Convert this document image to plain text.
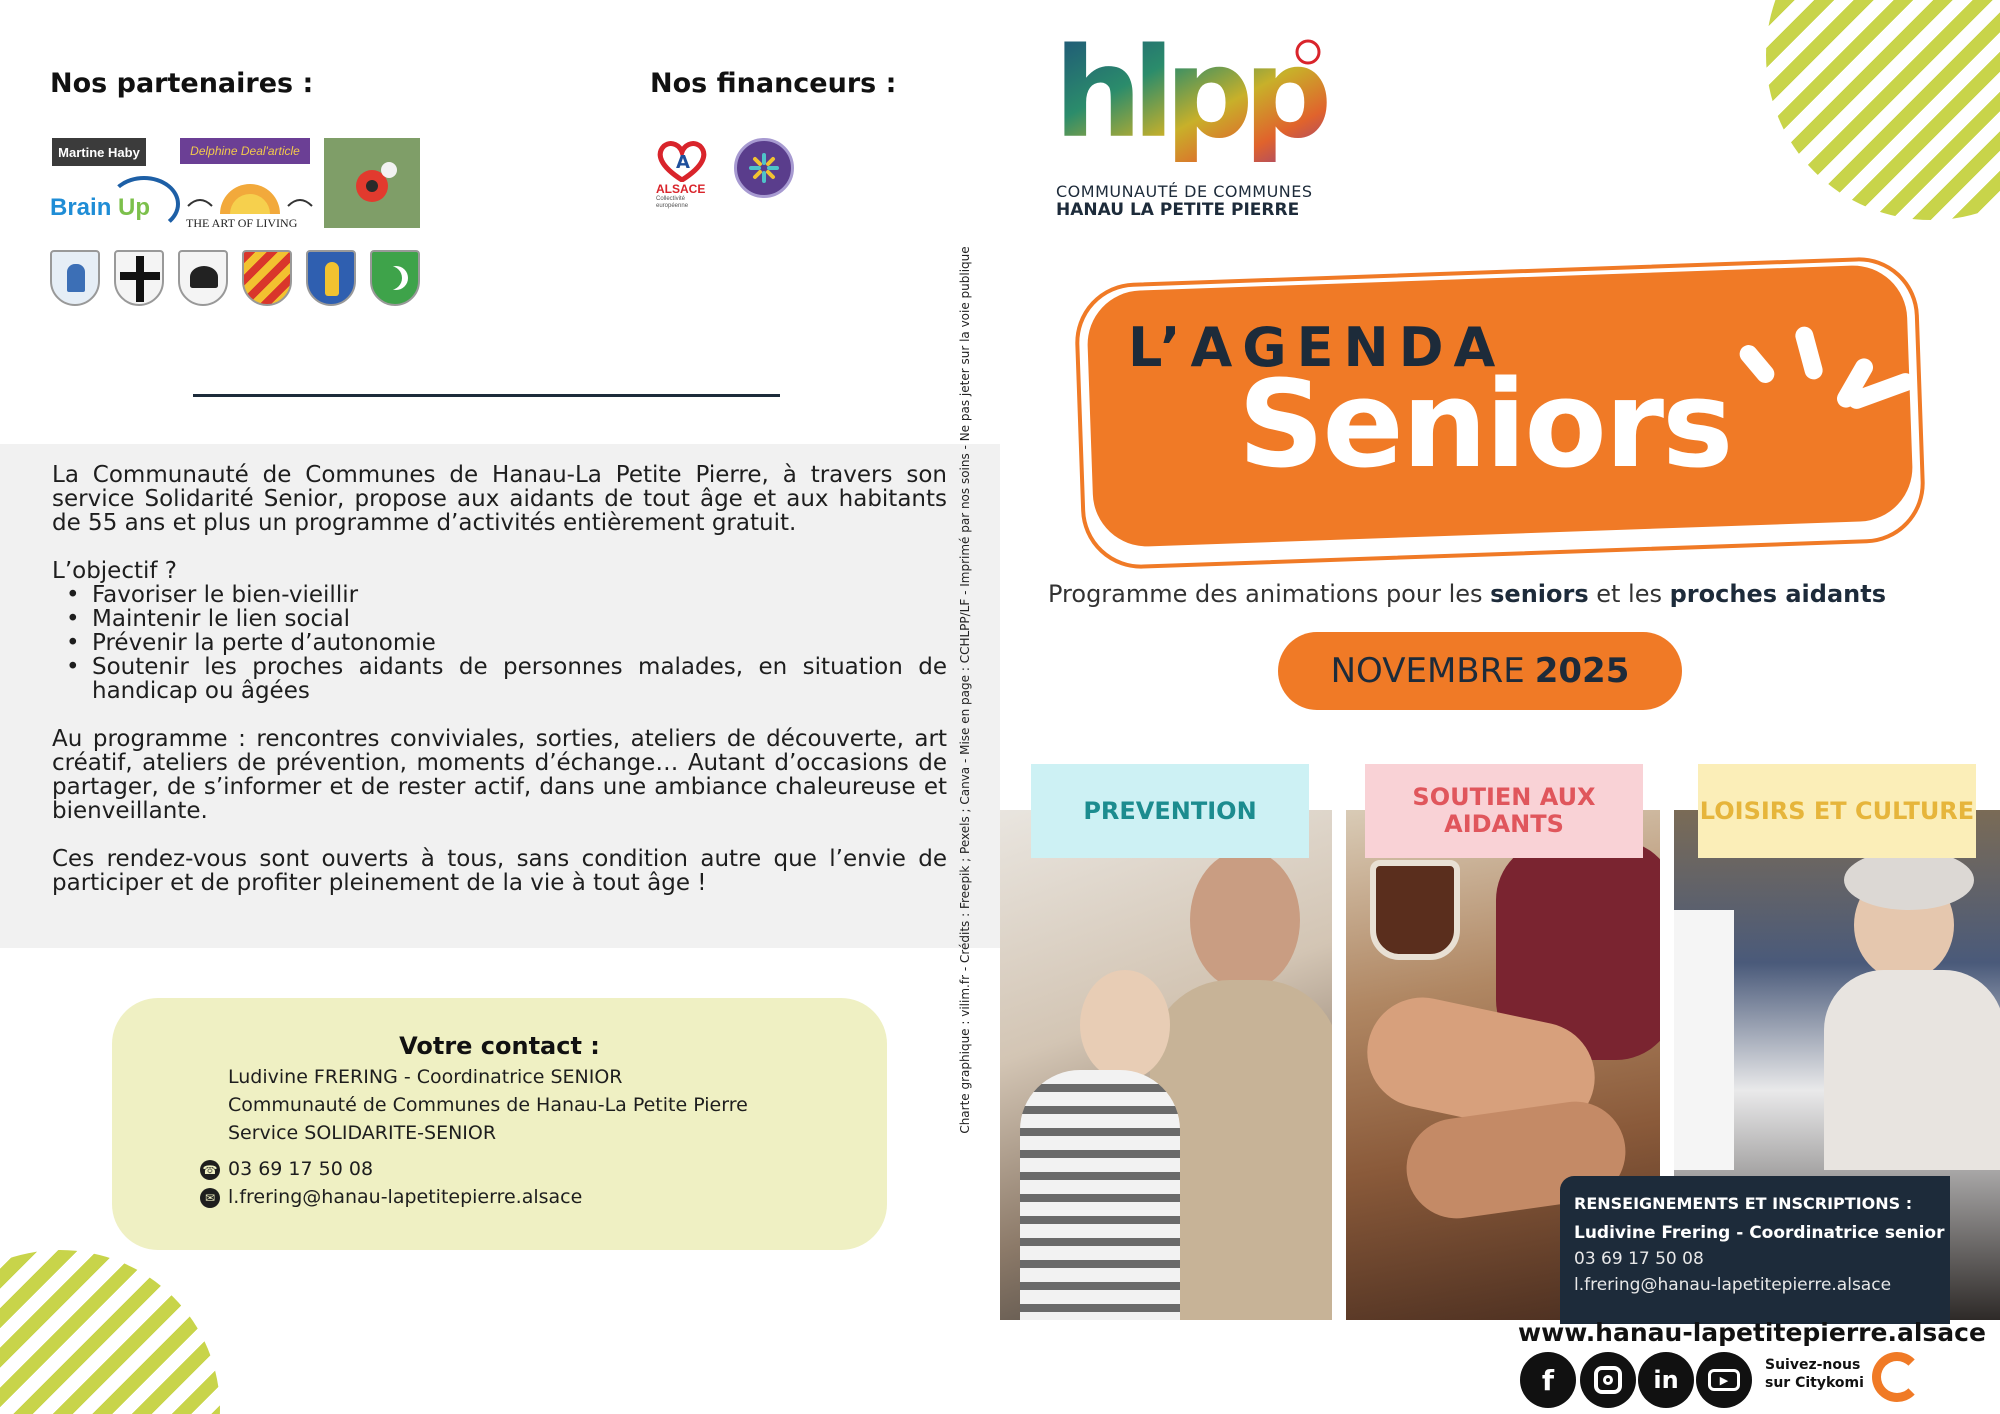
Nos partenaires :	Nos financeurs :
Martine Haby	Delphine Deal'article
Brain Up
THE ART OF LIVING
A
ALSACE
Collectivité européenne

La Communauté de Communes de Hanau-La Petite Pierre, à travers son service Solidarité Senior, propose aux aidants de tout âge et aux habitants de 55 ans et plus un programme d’activités entièrement gratuit.

L’objectif ?
• Favoriser le bien-vieillir
• Maintenir le lien social
• Prévenir la perte d’autonomie
• Soutenir les proches aidants de personnes malades, en situation de handicap ou âgées

Au programme : rencontres conviviales, sorties, ateliers de découverte, art créatif, ateliers de prévention, moments d’échange… Autant d’occasions de partager, de s’informer et de rester actif, dans une ambiance chaleureuse et bienveillante.

Ces rendez-vous sont ouverts à tous, sans condition autre que l’envie de participer et de profiter pleinement de la vie à tout âge !

Votre contact :
Ludivine FRERING - Coordinatrice SENIOR
Communauté de Communes de Hanau-La Petite Pierre
Service SOLIDARITE-SENIOR
☎ 03 69 17 50 08
✉ l.frering@hanau-lapetitepierre.alsace
Charte graphique : vilim.fr - Crédits : Freepik ; Pexels ; Canva - Mise en page : CCHLPP/LF - Imprimé par nos soins - Ne pas jeter sur la voie publique
hlpp
COMMUNAUTÉ DE COMMUNES
HANAU LA PETITE PIERRE
L’AGENDA
Seniors
Programme des animations pour les seniors et les proches aidants
NOVEMBRE 2025
PREVENTION	SOUTIEN AUX AIDANTS	LOISIRS ET CULTURE
RENSEIGNEMENTS ET INSCRIPTIONS :
Ludivine Frering - Coordinatrice senior
03 69 17 50 08
l.frering@hanau-lapetitepierre.alsace
www.hanau-lapetitepierre.alsace
f	in	▶
Suivez-nous
sur Citykomi
